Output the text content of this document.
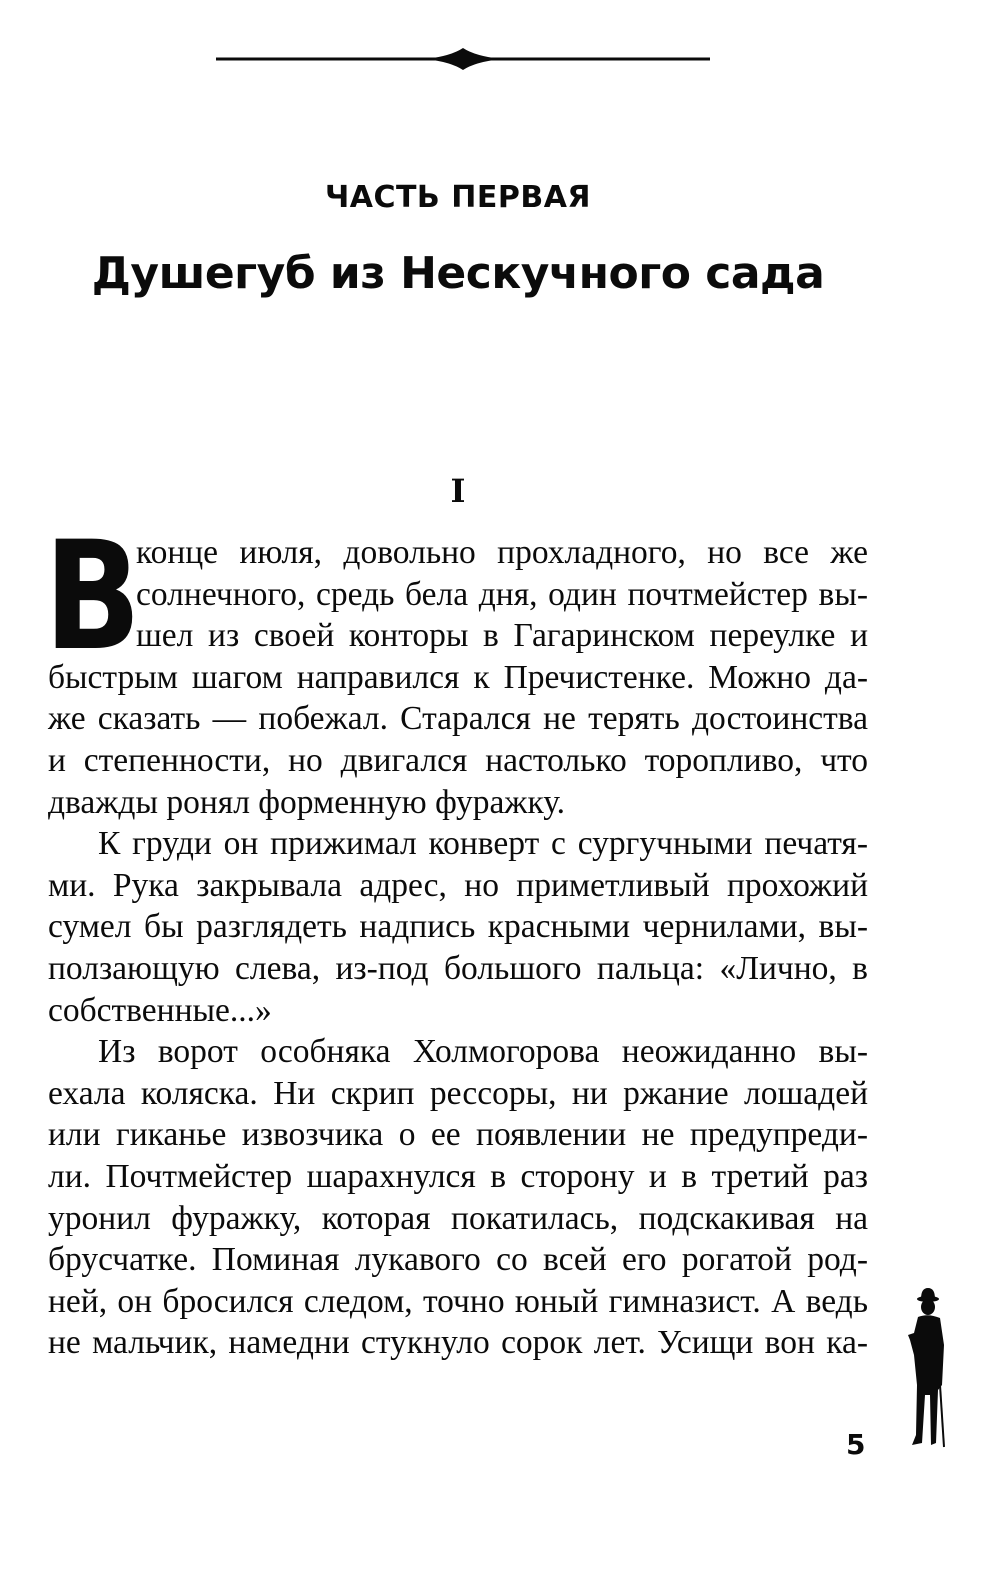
ЧАСТЬ ПЕРВАЯ
Душегуб из Нескучного сада
I
В
конце июля, довольно прохладного, но все же
солнечного, средь бела дня, один почтмейстер вы-
шел из своей конторы в Гагаринском переулке и
быстрым шагом направился к Пречистенке. Можно да-
же сказать — побежал. Старался не терять достоинства
и степенности, но двигался настолько торопливо, что
дважды ронял форменную фуражку.
К груди он прижимал конверт с сургучными печатя-
ми. Рука закрывала адрес, но приметливый прохожий
сумел бы разглядеть надпись красными чернилами, вы-
ползающую слева, из-под большого пальца: «Лично, в
собственные...»
Из ворот особняка Холмогорова неожиданно вы-
ехала коляска. Ни скрип рессоры, ни ржание лошадей
или гиканье извозчика о ее появлении не предупреди-
ли. Почтмейстер шарахнулся в сторону и в третий раз
уронил фуражку, которая покатилась, подскакивая на
брусчатке. Поминая лукавого со всей его рогатой род-
ней, он бросился следом, точно юный гимназист. А ведь
не мальчик, намедни стукнуло сорок лет. Усищи вон ка-
5
